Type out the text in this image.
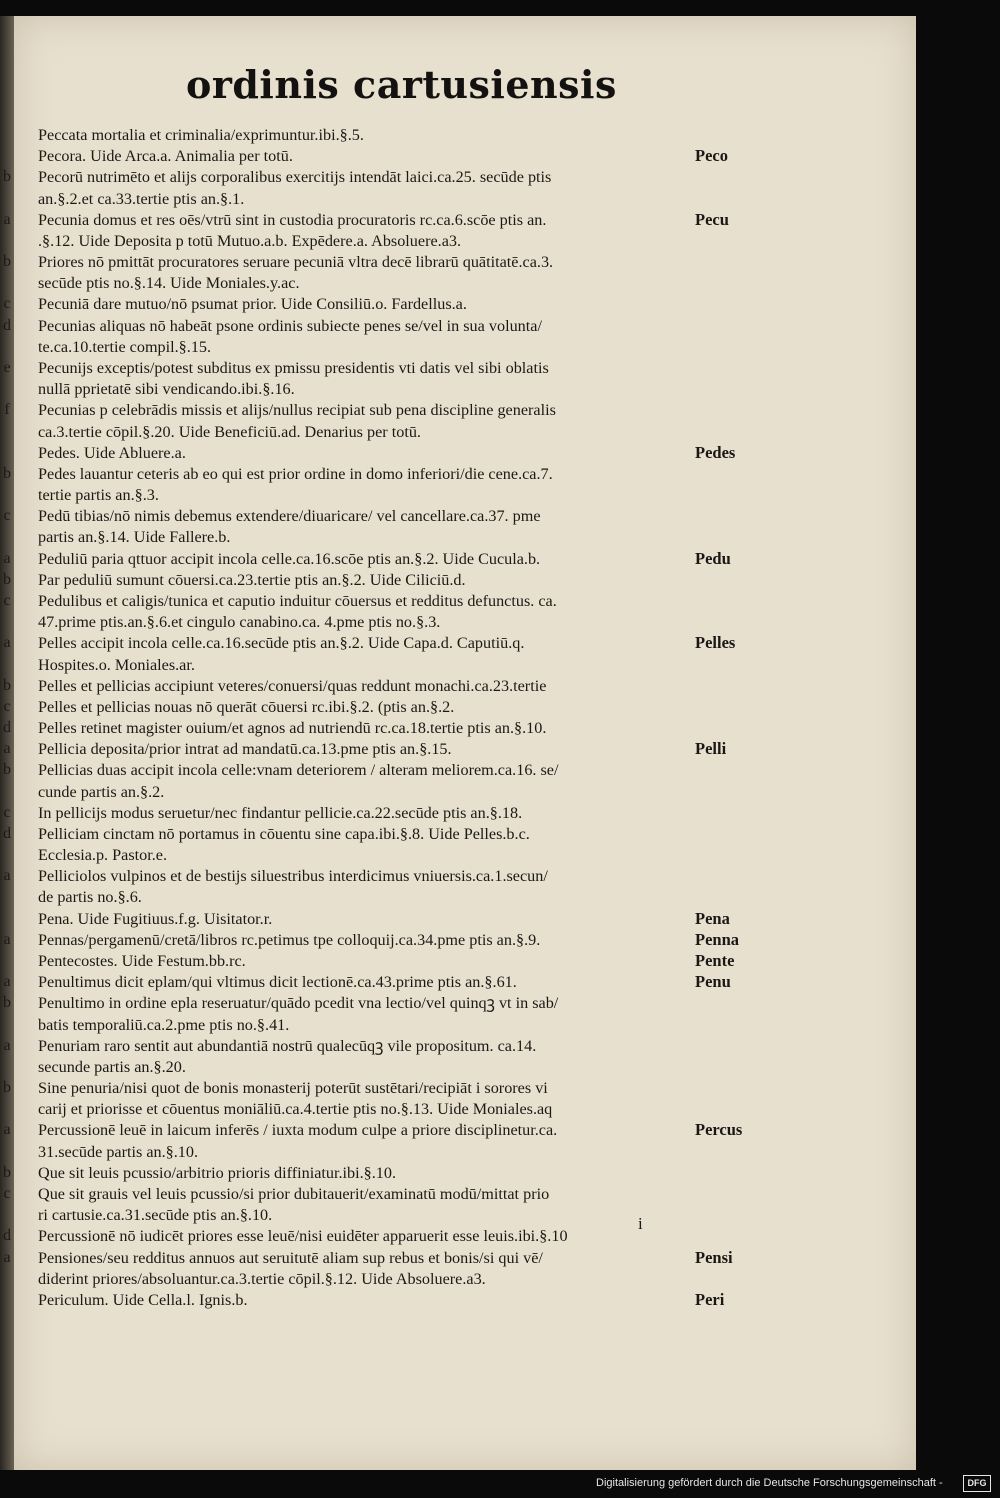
ordinis cartusiensis
Peccata mortalia et criminalia/exprimuntur.ibi.§.5.
Pecora. Uide Arca.a. Animalia per totū.	Peco
b Pecorū nutrimēto et alijs corporalibus exercitijs intendāt laici.ca.25. secūde ptis
an.§.2.et ca.33.tertie ptis an.§.1.
a Pecunia domus et res oēs/vtrū sint in custodia procuratoris rc.ca.6.scōe ptis an.	Pecu
.§.12. Uide Deposita p totū Mutuo.a.b. Expēdere.a. Absoluere.a3.
b Priores nō pmittāt procuratores seruare pecuniā vltra decē librarū quātitatē.ca.3.
secūde ptis no.§.14. Uide Moniales.y.ac.
c Pecuniā dare mutuo/nō psumat prior. Uide Consiliū.o. Fardellus.a.
d Pecunias aliquas nō habeāt psone ordinis subiecte penes se/vel in sua volunta/
te.ca.10.tertie compil.§.15.
e Pecunijs exceptis/potest subditus ex pmissu presidentis vti datis vel sibi oblatis
nullā pprietatē sibi vendicando.ibi.§.16.
f Pecunias p celebrādis missis et alijs/nullus recipiat sub pena discipline generalis
ca.3.tertie cōpil.§.20. Uide Beneficiū.ad. Denarius per totū.
Pedes. Uide Abluere.a.	Pedes
b Pedes lauantur ceteris ab eo qui est prior ordine in domo inferiori/die cene.ca.7.
tertie partis an.§.3.
c Pedū tibias/nō nimis debemus extendere/diuaricare/ vel cancellare.ca.37. pme
partis an.§.14. Uide Fallere.b.
a Peduliū paria qttuor accipit incola celle.ca.16.scōe ptis an.§.2. Uide Cucula.b.	Pedu
b Par peduliū sumunt cōuersi.ca.23.tertie ptis an.§.2. Uide Ciliciū.d.
c Pedulibus et caligis/tunica et caputio induitur cōuersus et redditus defunctus. ca.
47.prime ptis.an.§.6.et cingulo canabino.ca. 4.pme ptis no.§.3.
a Pelles accipit incola celle.ca.16.secūde ptis an.§.2. Uide Capa.d. Caputiū.q.	Pelles
Hospites.o. Moniales.ar.
b Pelles et pellicias accipiunt veteres/conuersi/quas reddunt monachi.ca.23.tertie
c Pelles et pellicias nouas nō querāt cōuersi rc.ibi.§.2. (ptis an.§.2.
d Pelles retinet magister ouium/et agnos ad nutriendū rc.ca.18.tertie ptis an.§.10.
a Pellicia deposita/prior intrat ad mandatū.ca.13.pme ptis an.§.15.	Pelli
b Pellicias duas accipit incola celle:vnam deteriorem / alteram meliorem.ca.16. se/
cunde partis an.§.2.
c In pellicijs modus seruetur/nec findantur pellicie.ca.22.secūde ptis an.§.18.
d Pelliciam cinctam nō portamus in cōuentu sine capa.ibi.§.8. Uide Pelles.b.c.
Ecclesia.p. Pastor.e.
a Pelliciolos vulpinos et de bestijs siluestribus interdicimus vniuersis.ca.1.secun/
de partis no.§.6.
Pena. Uide Fugitiuus.f.g. Uisitator.r.	Pena
a Pennas/pergamenū/cretā/libros rc.petimus tpe colloquij.ca.34.pme ptis an.§.9.	Penna
Pentecostes. Uide Festum.bb.rc.	Pente
a Penultimus dicit eplam/qui vltimus dicit lectionē.ca.43.prime ptis an.§.61.	Penu
b Penultimo in ordine epla reseruatur/quādo pcedit vna lectio/vel quinqꝫ vt in sab/
batis temporaliū.ca.2.pme ptis no.§.41.
a Penuriam raro sentit aut abundantiā nostrū qualecūqꝫ vile propositum. ca.14.
secunde partis an.§.20.
b Sine penuria/nisi quot de bonis monasterij poterūt sustētari/recipiāt i sorores vi
carij et priorisse et cōuentus moniāliū.ca.4.tertie ptis no.§.13. Uide Moniales.aq
a Percussionē leuē in laicum inferēs / iuxta modum culpe a priore disciplinetur.ca.	Percus
31.secūde partis an.§.10.
b Que sit leuis pcussio/arbitrio prioris diffiniatur.ibi.§.10.
c Que sit grauis vel leuis pcussio/si prior dubitauerit/examinatū modū/mittat prio
ri cartusie.ca.31.secūde ptis an.§.10.
d Percussionē nō iudicēt priores esse leuē/nisi euidēter apparuerit esse leuis.ibi.§.10
a Pensiones/seu redditus annuos aut seruitutē aliam sup rebus et bonis/si qui vē/	Pensi
diderint priores/absoluantur.ca.3.tertie cōpil.§.12. Uide Absoluere.a3.
Periculum. Uide Cella.l. Ignis.b.	Peri
i
Digitalisierung gefördert durch die Deutsche Forschungsgemeinschaft -	DFG
